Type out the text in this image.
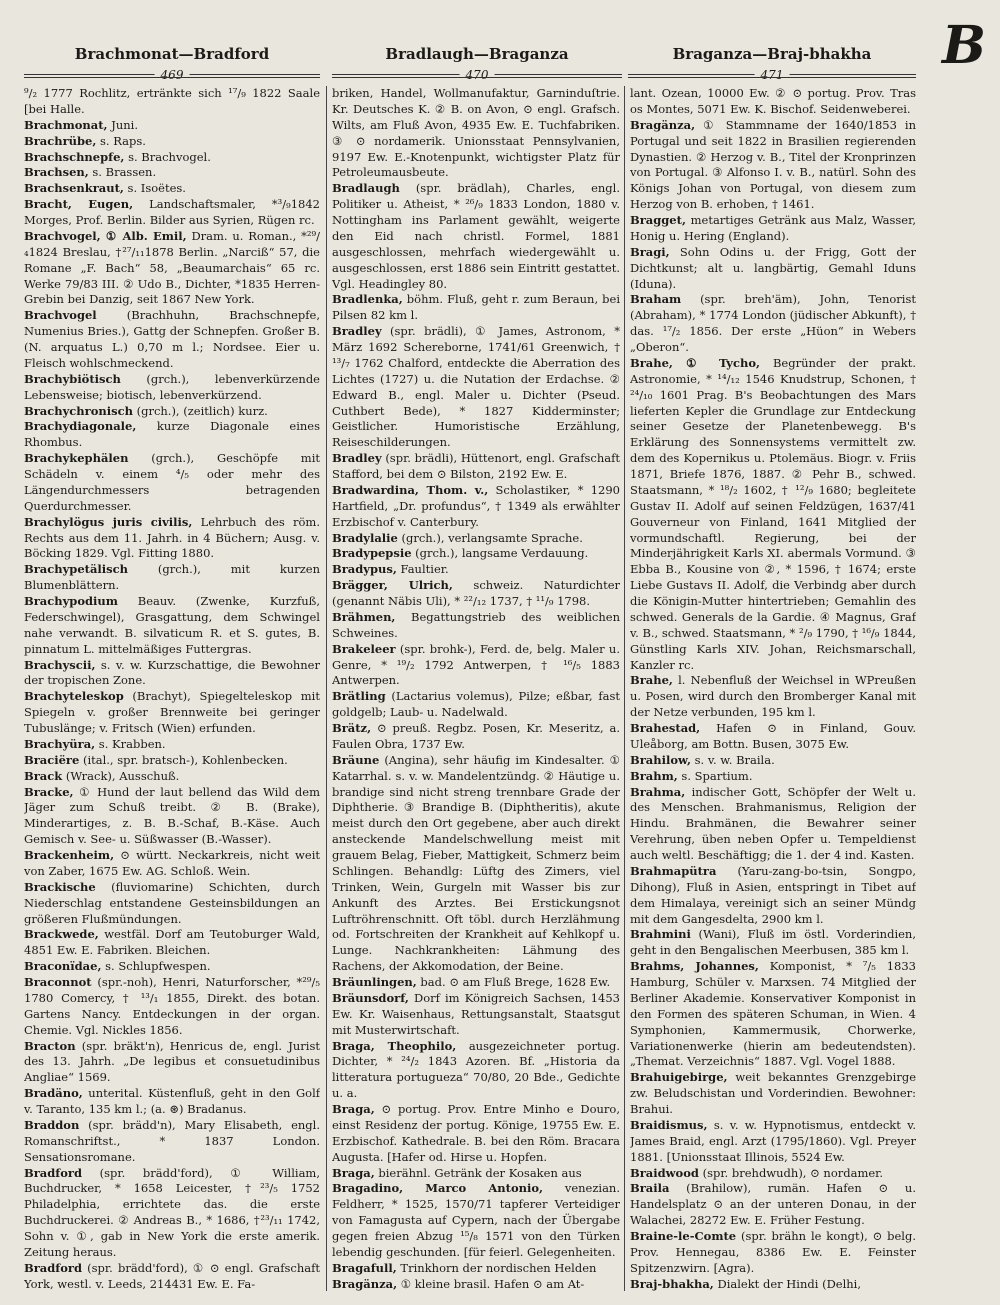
B
Brachmonat—Bradford
469
Bradlaugh—Braganza
470
Braganza—Braj-bhakha
471

⁹/₂ 1777 Rochlitz, ertränkte sich ¹⁷/₉ 1822 Saale [bei Halle.

Brachmonat, Juni.

Brachrübe, s. Raps.

Brachschnepfe, s. Brachvogel.

Brachsen, s. Brassen.

Brachsenkraut, s. Isoëtes.

Bracht, Eugen, Landschaftsmaler, *³/₉1842 Morges, Prof. Berlin. Bilder aus Syrien, Rügen rc.

Brachvogel, ① Alb. Emil, Dram. u. Roman., *²⁹/₄1824 Breslau, †²⁷/₁₁1878 Berlin. „Narciß“ 57, die Romane „F. Bach“ 58, „Beaumarchais“ 65 rc. Werke 79/83 III. ② Udo B., Dichter, *1835 Herren-Grebin bei Danzig, seit 1867 New York.

Brachvogel (Brachhuhn, Brachschnepfe, Numenius Bries.), Gattg der Schnepfen. Großer B. (N. arquatus L.) 0,70 m l.; Nordsee. Eier u. Fleisch wohlschmeckend.

Brachybiötisch (grch.), lebenverkürzende Lebensweise; biotisch, lebenverkürzend.

Brachychronisch (grch.), (zeitlich) kurz.

Brachydiagonale, kurze Diagonale eines Rhombus.

Brachykephälen (grch.), Geschöpfe mit Schädeln v. einem ⁴/₅ oder mehr des Längendurchmessers betragenden Querdurchmesser.

Brachylögus juris civilis, Lehrbuch des röm. Rechts aus dem 11. Jahrh. in 4 Büchern; Ausg. v. Böcking 1829. Vgl. Fitting 1880.

Brachypetälisch (grch.), mit kurzen Blumenblättern.

Brachypodium Beauv. (Zwenke, Kurzfuß, Federschwingel), Grasgattung, dem Schwingel nahe verwandt. B. silvaticum R. et S. gutes, B. pinnatum L. mittelmäßiges Futtergras.

Brachyscii, s. v. w. Kurzschattige, die Bewohner der tropischen Zone.

Brachyteleskop (Brachyt), Spiegelteleskop mit Spiegeln v. großer Brennweite bei geringer Tubuslänge; v. Fritsch (Wien) erfunden.

Brachyüra, s. Krabben.

Braciëre (ital., spr. bratsch-), Kohlenbecken.

Brack (Wrack), Ausschuß.

Bracke, ① Hund der laut bellend das Wild dem Jäger zum Schuß treibt. ② B. (Brake), Minderartiges, z. B. B.-Schaf, B.-Käse. Auch Gemisch v. See- u. Süßwasser (B.-Wasser).

Brackenheim, ⊙ württ. Neckarkreis, nicht weit von Zaber, 1675 Ew. AG. Schloß. Wein.

Brackische (fluviomarine) Schichten, durch Niederschlag entstandene Gesteinsbildungen an größeren Flußmündungen.

Brackwede, westfäl. Dorf am Teutoburger Wald, 4851 Ew. E. Fabriken. Bleichen.

Braconïdae, s. Schlupfwespen.

Braconnot (spr.-noh), Henri, Naturforscher, *²⁹/₅ 1780 Comercy, † ¹³/₁ 1855, Direkt. des botan. Gartens Nancy. Entdeckungen in der organ. Chemie. Vgl. Nickles 1856.

Bracton (spr. bräkt'n), Henricus de, engl. Jurist des 13. Jahrh. „De legibus et consuetudinibus Angliae“ 1569.

Bradäno, unterital. Küstenfluß, geht in den Golf v. Taranto, 135 km l.; (a. ⊛) Bradanus.

Braddon (spr. brädd'n), Mary Elisabeth, engl. Romanschriftst., * 1837 London. Sensationsromane.

Bradford (spr. brädd'ford), ① William, Buchdrucker, * 1658 Leicester, †²³/₅ 1752 Philadelphia, errichtete das. die erste Buchdruckerei. ② Andreas B., * 1686, †²³/₁₁ 1742, Sohn v. ①, gab in New York die erste amerik. Zeitung heraus.

Bradford (spr. brädd'ford), ① ⊙ engl. Grafschaft York, westl. v. Leeds, 214431 Ew. E. Fa-

briken, Handel, Wollmanufaktur, Garninduſtrie. Kr. Deutsches K. ② B. on Avon, ⊙ engl. Grafsch. Wilts, am Fluß Avon, 4935 Ew. E. Tuchfabriken. ③ ⊙ nordamerik. Unionsstaat Pennsylvanien, 9197 Ew. E.-Knotenpunkt, wichtigster Platz für Petroleumausbeute.

Bradlaugh (spr. brädlah), Charles, engl. Politiker u. Atheist, * ²⁶/₉ 1833 London, 1880 v. Nottingham ins Parlament gewählt, weigerte den Eid nach christl. Formel, 1881 ausgeschlossen, mehrfach wiedergewählt u. ausgeschlossen, erst 1886 sein Eintritt gestattet. Vgl. Headingley 80.

Bradlenka, böhm. Fluß, geht r. zum Beraun, bei Pilsen 82 km l.

Bradley (spr. brädli), ① James, Astronom, * März 1692 Schereborne, 1741/61 Greenwich, † ¹³/₇ 1762 Chalford, entdeckte die Aberration des Lichtes (1727) u. die Nutation der Erdachse. ② Edward B., engl. Maler u. Dichter (Pseud. Cuthbert Bede), * 1827 Kidderminster; Geistlicher. Humoristische Erzählung, Reiseschilderungen.

Bradley (spr. brädli), Hüttenort, engl. Grafschaft Stafford, bei dem ⊙ Bilston, 2192 Ew. E.

Bradwardina, Thom. v., Scholastiker, * 1290 Hartfield, „Dr. profundus“, † 1349 als erwählter Erzbischof v. Canterbury.

Bradylalie (grch.), verlangsamte Sprache.

Bradypepsie (grch.), langsame Verdauung.

Bradypus, Faultier.

Brägger, Ulrich, schweiz. Naturdichter (genannt Näbis Uli), * ²²/₁₂ 1737, † ¹¹/₉ 1798.

Brähmen, Begattungstrieb des weiblichen Schweines.

Brakeleer (spr. brohk-), Ferd. de, belg. Maler u. Genre, * ¹⁹/₂ 1792 Antwerpen, † ¹⁶/₅ 1883 Antwerpen.

Brätling (Lactarius volemus), Pilze; eßbar, fast goldgelb; Laub- u. Nadelwald.

Brätz, ⊙ preuß. Regbz. Posen, Kr. Meseritz, a. Faulen Obra, 1737 Ew.

Bräune (Angina), sehr häufig im Kindesalter. ① Katarrhal. s. v. w. Mandelentzündg. ② Häutige u. brandige sind nicht streng trennbare Grade der Diphtherie. ③ Brandige B. (Diphtheritis), akute meist durch den Ort gegebene, aber auch direkt ansteckende Mandelschwellung meist mit grauem Belag, Fieber, Mattigkeit, Schmerz beim Schlingen. Behandlg: Lüftg des Zimers, viel Trinken, Wein, Gurgeln mit Wasser bis zur Ankunft des Arztes. Bei Erstickungsnot Luftröhrenschnitt. Oft töbl. durch Herzlähmung od. Fortschreiten der Krankheit auf Kehlkopf u. Lunge. Nachkrankheiten: Lähmung des Rachens, der Akkomodation, der Beine.

Bräunlingen, bad. ⊙ am Fluß Brege, 1628 Ew.

Bräunsdorf, Dorf im Königreich Sachsen, 1453 Ew. Kr. Waisenhaus, Rettungsanstalt, Staatsgut mit Musterwirtschaft.

Braga, Theophilo, ausgezeichneter portug. Dichter, * ²⁴/₂ 1843 Azoren. Bf. „Historia da litteratura portugueza“ 70/80, 20 Bde., Gedichte u. a.

Braga, ⊙ portug. Prov. Entre Minho e Douro, einst Residenz der portug. Könige, 19755 Ew. E. Erzbischof. Kathedrale. B. bei den Röm. Bracara Augusta. [Hafer od. Hirse u. Hopfen.

Braga, bierähnl. Getränk der Kosaken aus

Bragadino, Marco Antonio, venezian. Feldherr, * 1525, 1570/71 tapferer Verteidiger von Famagusta auf Cypern, nach der Übergabe gegen freien Abzug ¹⁵/₈ 1571 von den Türken lebendig geschunden. [für feierl. Gelegenheiten.

Bragafull, Trinkhorn der nordischen Helden

Bragänza, ① kleine brasil. Hafen ⊙ am At-

lant. Ozean, 10000 Ew. ② ⊙ portug. Prov. Tras os Montes, 5071 Ew. K. Bischof. Seidenweberei.

Bragänza, ① Stammname der 1640/1853 in Portugal und seit 1822 in Brasilien regierenden Dynastien. ② Herzog v. B., Titel der Kronprinzen von Portugal. ③ Alfonso I. v. B., natürl. Sohn des Königs Johan von Portugal, von diesem zum Herzog von B. erhoben, † 1461.

Bragget, metartiges Getränk aus Malz, Wasser, Honig u. Hering (England).

Bragi, Sohn Odins u. der Frigg, Gott der Dichtkunst; alt u. langbärtig, Gemahl Iduns (Iduna).

Braham (spr. breh'äm), John, Tenorist (Abraham), * 1774 London (jüdischer Abkunft), † das. ¹⁷/₂ 1856. Der erste „Hüon“ in Webers „Oberon“.

Brahe, ① Tycho, Begründer der prakt. Astronomie, * ¹⁴/₁₂ 1546 Knudstrup, Schonen, † ²⁴/₁₀ 1601 Prag. B's Beobachtungen des Mars lieferten Kepler die Grundlage zur Entdeckung seiner Gesetze der Planetenbewegg. B's Erklärung des Sonnensystems vermittelt zw. dem des Kopernikus u. Ptolemäus. Biogr. v. Friis 1871, Briefe 1876, 1887. ② Pehr B., schwed. Staatsmann, * ¹⁸/₂ 1602, † ¹²/₉ 1680; begleitete Gustav II. Adolf auf seinen Feldzügen, 1637/41 Gouverneur von Finland, 1641 Mitglied der vormundschaftl. Regierung, bei der Minderjährigkeit Karls XI. abermals Vormund. ③ Ebba B., Kousine von ②, * 1596, † 1674; erste Liebe Gustavs II. Adolf, die Verbindg aber durch die Königin-Mutter hintertrieben; Gemahlin des schwed. Generals de la Gardie. ④ Magnus, Graf v. B., schwed. Staatsmann, * ²/₉ 1790, † ¹⁶/₉ 1844, Günstling Karls XIV. Johan, Reichsmarschall, Kanzler rc.

Brahe, l. Nebenfluß der Weichsel in WPreußen u. Posen, wird durch den Bromberger Kanal mit der Netze verbunden, 195 km l.

Brahestad, Hafen ⊙ in Finland, Gouv. Uleåborg, am Bottn. Busen, 3075 Ew.

Brahilow, s. v. w. Braila.

Brahm, s. Spartium.

Brahma, indischer Gott, Schöpfer der Welt u. des Menschen. Brahmanismus, Religion der Hindu. Brahmänen, die Bewahrer seiner Verehrung, üben neben Opfer u. Tempeldienst auch weltl. Beschäftigg; die 1. der 4 ind. Kasten.

Brahmapütra (Yaru-zang-bo-tsin, Songpo, Dihong), Fluß in Asien, entspringt in Tibet auf dem Himalaya, vereinigt sich an seiner Mündg mit dem Gangesdelta, 2900 km l.

Brahmini (Wani), Fluß im östl. Vorderindien, geht in den Bengalischen Meerbusen, 385 km l.

Brahms, Johannes, Komponist, * ⁷/₅ 1833 Hamburg, Schüler v. Marxsen. 74 Mitglied der Berliner Akademie. Konservativer Komponist in den Formen des späteren Schuman, in Wien. 4 Symphonien, Kammermusik, Chorwerke, Variationenwerke (hierin am bedeutendsten). „Themat. Verzeichnis“ 1887. Vgl. Vogel 1888.

Brahuigebirge, weit bekanntes Grenzgebirge zw. Beludschistan und Vorderindien. Bewohner: Brahui.

Braidismus, s. v. w. Hypnotismus, entdeckt v. James Braid, engl. Arzt (1795/1860). Vgl. Preyer 1881. [Unionsstaat Illinois, 5524 Ew.

Braidwood (spr. brehdwudh), ⊙ nordamer.

Braila (Brahilow), rumän. Hafen ⊙ u. Handelsplatz ⊙ an der unteren Donau, in der Walachei, 28272 Ew. E. Früher Festung.

Braine-le-Comte (spr. brähn le kongt), ⊙ belg. Prov. Hennegau, 8386 Ew. E. Feinster Spitzenzwirn. [Agra).

Braj-bhakha, Dialekt der Hindi (Delhi,
